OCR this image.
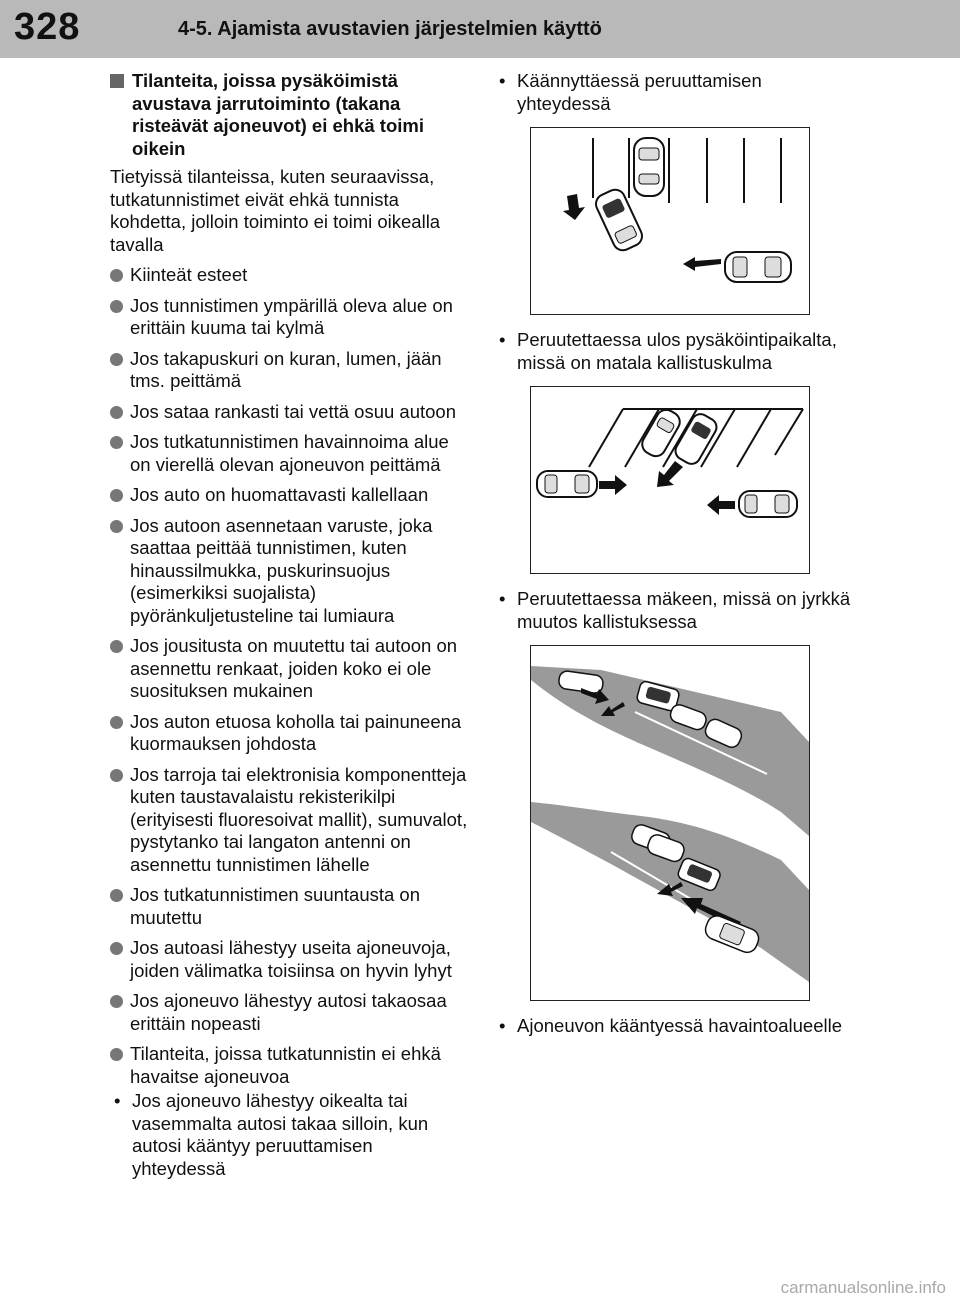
328	4-5. Ajamista avustavien järjestelmien käyttö
Tilanteita, joissa pysäköimistä avustava jarrutoiminto (takana risteävät ajoneuvot) ei ehkä toimi oikein
Tietyissä tilanteissa, kuten seuraavissa, tutkatunnistimet eivät ehkä tunnista kohdetta, jolloin toiminto ei toimi oikealla tavalla
Kiinteät esteet
Jos tunnistimen ympärillä oleva alue on erittäin kuuma tai kylmä
Jos takapuskuri on kuran, lumen, jään tms. peittämä
Jos sataa rankasti tai vettä osuu autoon
Jos tutkatunnistimen havainnoima alue on vierellä olevan ajoneuvon peittämä
Jos auto on huomattavasti kallellaan
Jos autoon asennetaan varuste, joka saattaa peittää tunnistimen, kuten hinaussilmukka, puskurinsuojus (esimerkiksi suojalista) pyöränkuljetusteline tai lumiaura
Jos jousitusta on muutettu tai autoon on asennettu renkaat, joiden koko ei ole suosituksen mukainen
Jos auton etuosa koholla tai painuneena kuormauksen johdosta
Jos tarroja tai elektronisia komponentteja kuten taustavalaistu rekisterikilpi (erityisesti fluoresoivat mallit), sumuvalot, pystytanko tai langaton antenni on asennettu tunnistimen lähelle
Jos tutkatunnistimen suuntausta on muutettu
Jos autoasi lähestyy useita ajoneuvoja, joiden välimatka toisiinsa on hyvin lyhyt
Jos ajoneuvo lähestyy autosi takaosaa erittäin nopeasti
Tilanteita, joissa tutkatunnistin ei ehkä havaitse ajoneuvoa
• Jos ajoneuvo lähestyy oikealta tai vasemmalta autosi takaa silloin, kun autosi kääntyy peruuttamisen yhteydessä
• Käännyttäessä peruuttamisen yhteydessä
• Peruutettaessa ulos pysäköintipaikalta, missä on matala kallistuskulma
• Peruutettaessa mäkeen, missä on jyrkkä muutos kallistuksessa
• Ajoneuvon kääntyessä havaintoalueelle
carmanualsonline.info
